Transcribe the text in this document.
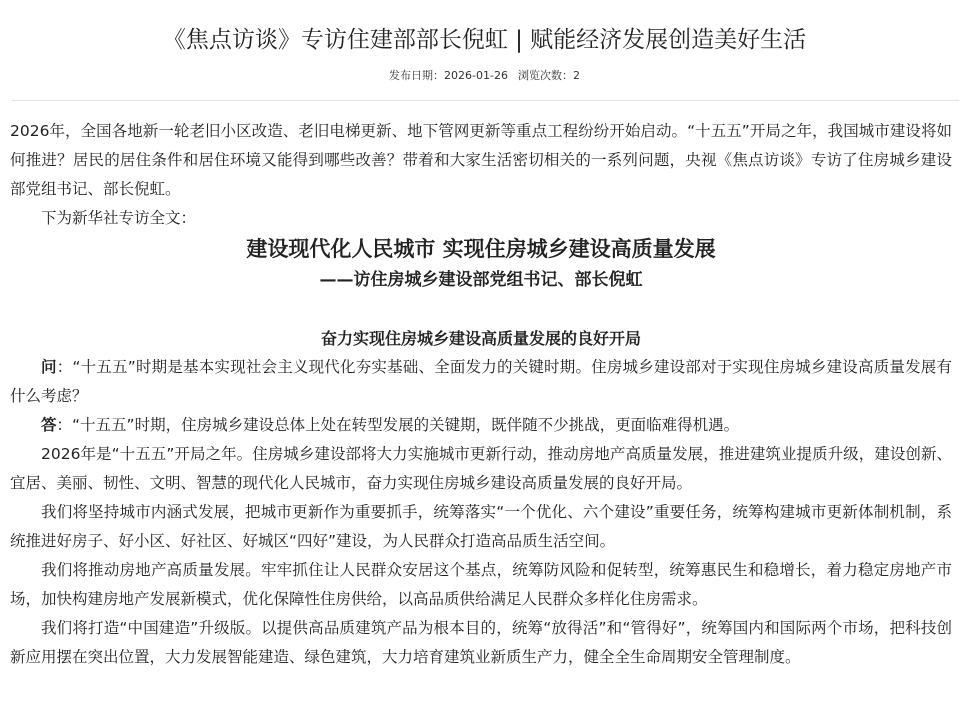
《焦点访谈》专访住建部部长倪虹 | 赋能经济发展创造美好生活
发布日期：2026-01-26 浏览次数：2

2026年，全国各地新一轮老旧小区改造、老旧电梯更新、地下管网更新等重点工程纷纷开始启动。“十五五”开局之年，我国城市建设将如何推进？居民的居住条件和居住环境又能得到哪些改善？带着和大家生活密切相关的一系列问题，央视《焦点访谈》专访了住房城乡建设部党组书记、部长倪虹。

下为新华社专访全文：

建设现代化人民城市 实现住房城乡建设高质量发展

——访住房城乡建设部党组书记、部长倪虹

奋力实现住房城乡建设高质量发展的良好开局

问：“十五五”时期是基本实现社会主义现代化夯实基础、全面发力的关键时期。住房城乡建设部对于实现住房城乡建设高质量发展有什么考虑？

答：“十五五”时期，住房城乡建设总体上处在转型发展的关键期，既伴随不少挑战，更面临难得机遇。

2026年是“十五五”开局之年。住房城乡建设部将大力实施城市更新行动，推动房地产高质量发展，推进建筑业提质升级，建设创新、宜居、美丽、韧性、文明、智慧的现代化人民城市，奋力实现住房城乡建设高质量发展的良好开局。

我们将坚持城市内涵式发展，把城市更新作为重要抓手，统筹落实“一个优化、六个建设”重要任务，统筹构建城市更新体制机制，系统推进好房子、好小区、好社区、好城区“四好”建设，为人民群众打造高品质生活空间。

我们将推动房地产高质量发展。牢牢抓住让人民群众安居这个基点，统筹防风险和促转型，统筹惠民生和稳增长，着力稳定房地产市场，加快构建房地产发展新模式，优化保障性住房供给，以高品质供给满足人民群众多样化住房需求。

我们将打造“中国建造”升级版。以提供高品质建筑产品为根本目的，统筹“放得活”和“管得好”，统筹国内和国际两个市场，把科技创新应用摆在突出位置，大力发展智能建造、绿色建筑，大力培育建筑业新质生产力，健全全生命周期安全管理制度。
